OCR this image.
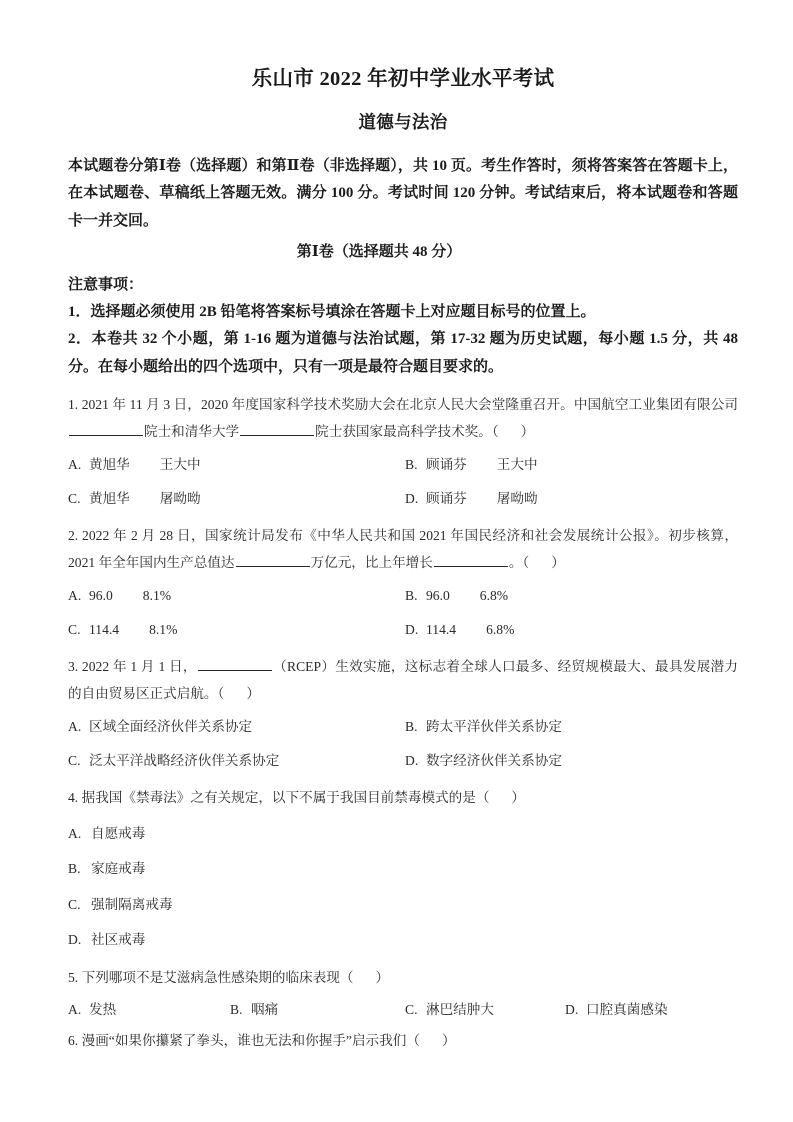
乐山市 2022 年初中学业水平考试
道德与法治

本试题卷分第Ⅰ卷（选择题）和第Ⅱ卷（非选择题），共 10 页。考生作答时，须将答案答在答题卡上，在本试题卷、草稿纸上答题无效。满分 100 分。考试时间 120 分钟。考试结束后，将本试题卷和答题卡一并交回。

第Ⅰ卷（选择题共 48 分）

注意事项：

1．选择题必须使用 2B 铅笔将答案标号填涂在答题卡上对应题目标号的位置上。

2．本卷共 32 个小题，第 1-16 题为道德与法治试题，第 17-32 题为历史试题，每小题 1.5 分，共 48 分。在每小题给出的四个选项中，只有一项是最符合题目要求的。

1. 2021 年 11 月 3 日，2020 年度国家科学技术奖励大会在北京人民大会堂隆重召开。中国航空工业集团有限公司院士和清华大学	院士获国家最高科学技术奖。（ ）

A. 黄旭华	王大中	B. 顾诵芬	王大中
C. 黄旭华	屠呦呦	D. 顾诵芬	屠呦呦

2. 2022 年 2 月 28 日，国家统计局发布《中华人民共和国 2021 年国民经济和社会发展统计公报》。初步核算，2021 年全年国内生产总值达	万亿元，比上年增长	。（ ）

A. 96.0	8.1%	B. 96.0	6.8%
C. 114.4	8.1%	D. 114.4	6.8%

3. 2022 年 1 月 1 日，	（RCEP）生效实施，这标志着全球人口最多、经贸规模最大、最具发展潜力的自由贸易区正式启航。（ ）

A. 区域全面经济伙伴关系协定	B. 跨太平洋伙伴关系协定
C. 泛太平洋战略经济伙伴关系协定	D. 数字经济伙伴关系协定

4. 据我国《禁毒法》之有关规定，以下不属于我国目前禁毒模式的是（ ）

A. 自愿戒毒
B. 家庭戒毒
C. 强制隔离戒毒
D. 社区戒毒

5. 下列哪项不是艾滋病急性感染期的临床表现（ ）

A. 发热	B. 咽痛	C. 淋巴结肿大	D. 口腔真菌感染

6. 漫画“如果你攥紧了拳头，谁也无法和你握手”启示我们（ ）
